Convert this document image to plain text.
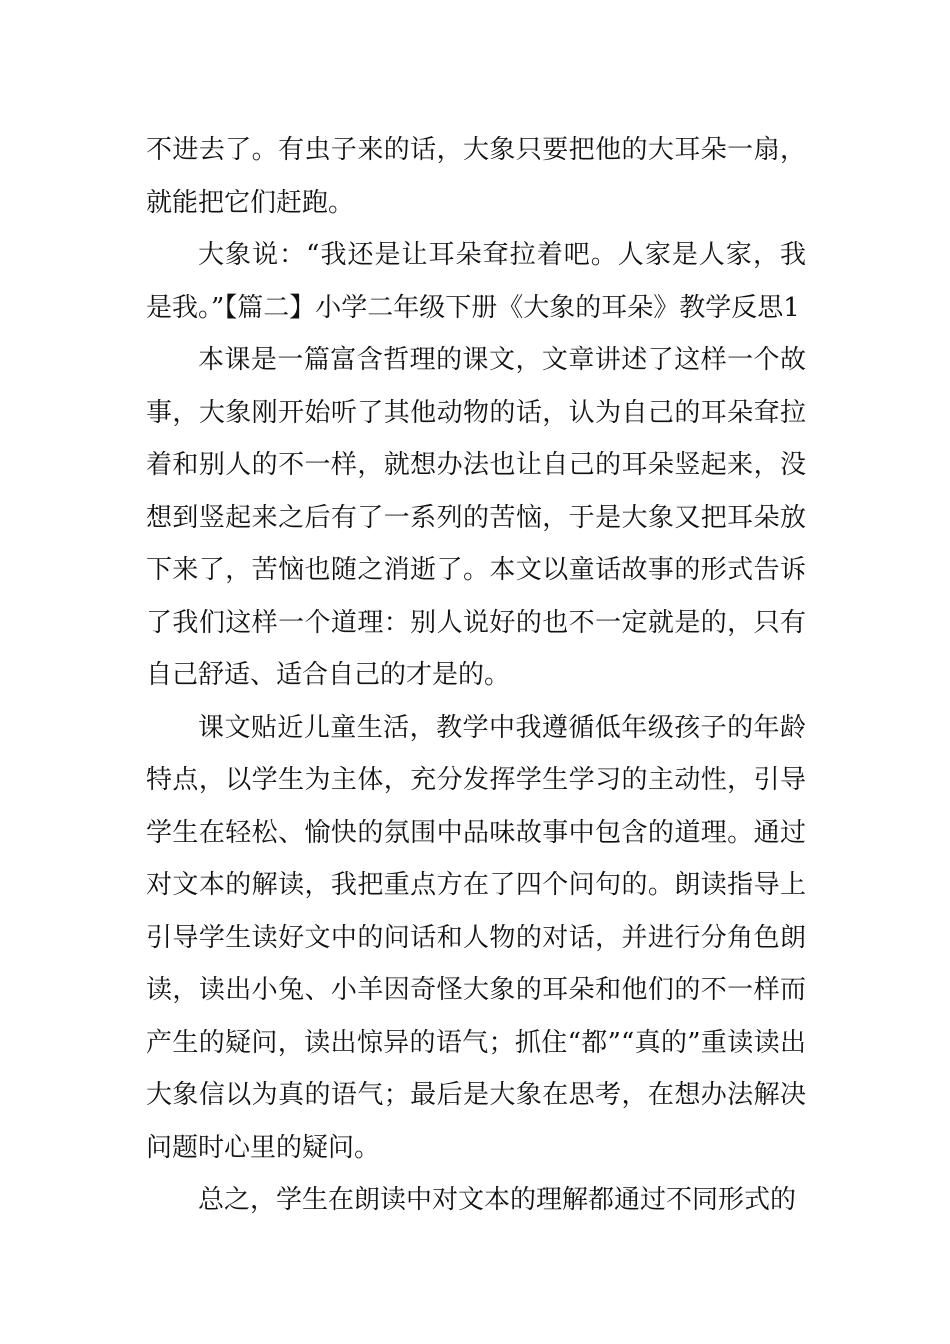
不进去了。有虫子来的话，大象只要把他的大耳朵一扇，就能把它们赶跑。

大象说：“我还是让耳朵耷拉着吧。人家是人家，我是我。”【篇二】小学二年级下册《大象的耳朵》教学反思1

本课是一篇富含哲理的课文，文章讲述了这样一个故事，大象刚开始听了其他动物的话，认为自己的耳朵耷拉着和别人的不一样，就想办法也让自己的耳朵竖起来，没想到竖起来之后有了一系列的苦恼，于是大象又把耳朵放下来了，苦恼也随之消逝了。本文以童话故事的形式告诉了我们这样一个道理：别人说好的也不一定就是的，只有自己舒适、适合自己的才是的。

课文贴近儿童生活，教学中我遵循低年级孩子的年龄特点，以学生为主体，充分发挥学生学习的主动性，引导学生在轻松、愉快的氛围中品味故事中包含的道理。通过对文本的解读，我把重点方在了四个问句的。朗读指导上引导学生读好文中的问话和人物的对话，并进行分角色朗读，读出小兔、小羊因奇怪大象的耳朵和他们的不一样而产生的疑问，读出惊异的语气；抓住“都”“真的”重读读出大象信以为真的语气；最后是大象在思考，在想办法解决问题时心里的疑问。

总之，学生在朗读中对文本的理解都通过不同形式的
